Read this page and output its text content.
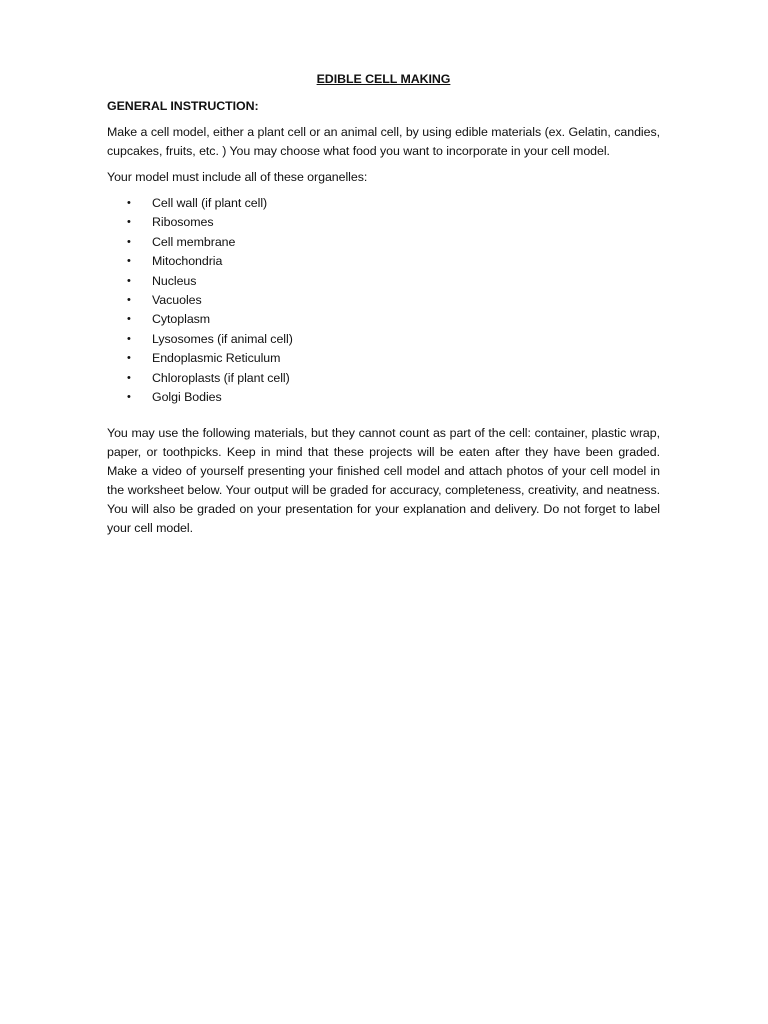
EDIBLE CELL MAKING
GENERAL INSTRUCTION:

Make a cell model, either a plant cell or an animal cell, by using edible materials (ex. Gelatin, candies, cupcakes, fruits, etc. ) You may choose what food you want to incorporate in your cell model.

Your model must include all of these organelles:

• Cell wall (if plant cell)
• Ribosomes
• Cell membrane
• Mitochondria
• Nucleus
• Vacuoles
• Cytoplasm
• Lysosomes (if animal cell)
• Endoplasmic Reticulum
• Chloroplasts (if plant cell)
• Golgi Bodies

You may use the following materials, but they cannot count as part of the cell: container, plastic wrap, paper, or toothpicks. Keep in mind that these projects will be eaten after they have been graded. Make a video of yourself presenting your finished cell model and attach photos of your cell model in the worksheet below. Your output will be graded for accuracy, completeness, creativity, and neatness. You will also be graded on your presentation for your explanation and delivery. Do not forget to label your cell model.
